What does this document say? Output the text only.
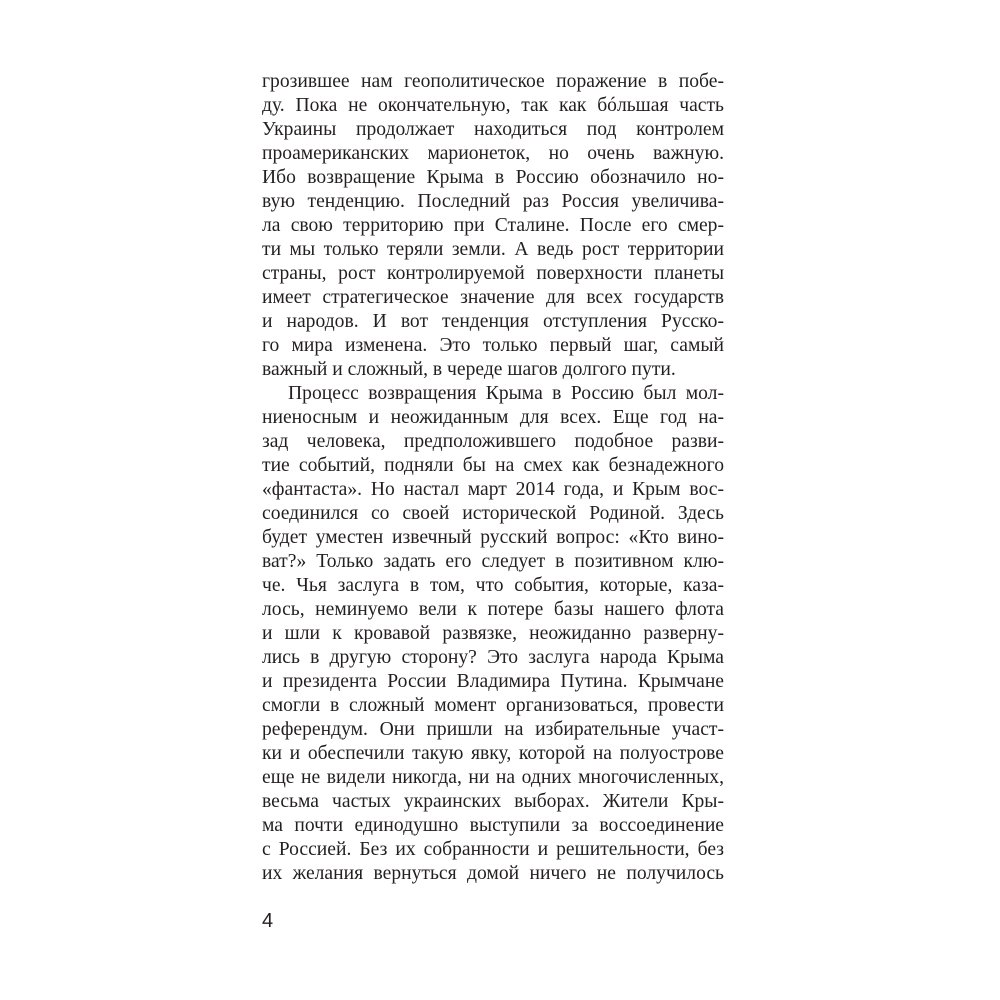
грозившее нам геополитическое поражение в побе-
ду. Пока не окончательную, так как бóльшая часть
Украины продолжает находиться под контролем
проамериканских марионеток, но очень важную.
Ибо возвращение Крыма в Россию обозначило но-
вую тенденцию. Последний раз Россия увеличива-
ла свою территорию при Сталине. После его смер-
ти мы только теряли земли. А ведь рост территории
страны, рост контролируемой поверхности планеты
имеет стратегическое значение для всех государств
и народов. И вот тенденция отступления Русско-
го мира изменена. Это только первый шаг, самый
важный и сложный, в череде шагов долгого пути.
Процесс возвращения Крыма в Россию был мол-
ниеносным и неожиданным для всех. Еще год на-
зад человека, предположившего подобное разви-
тие событий, подняли бы на смех как безнадежного
«фантаста». Но настал март 2014 года, и Крым вос-
соединился со своей исторической Родиной. Здесь
будет уместен извечный русский вопрос: «Кто вино-
ват?» Только задать его следует в позитивном клю-
че. Чья заслуга в том, что события, которые, каза-
лось, неминуемо вели к потере базы нашего флота
и шли к кровавой развязке, неожиданно разверну-
лись в другую сторону? Это заслуга народа Крыма
и президента России Владимира Путина. Крымчане
смогли в сложный момент организоваться, провести
референдум. Они пришли на избирательные участ-
ки и обеспечили такую явку, которой на полуострове
еще не видели никогда, ни на одних многочисленных,
весьма частых украинских выборах. Жители Кры-
ма почти единодушно выступили за воссоединение
с Россией. Без их собранности и решительности, без
их желания вернуться домой ничего не получилось
4
